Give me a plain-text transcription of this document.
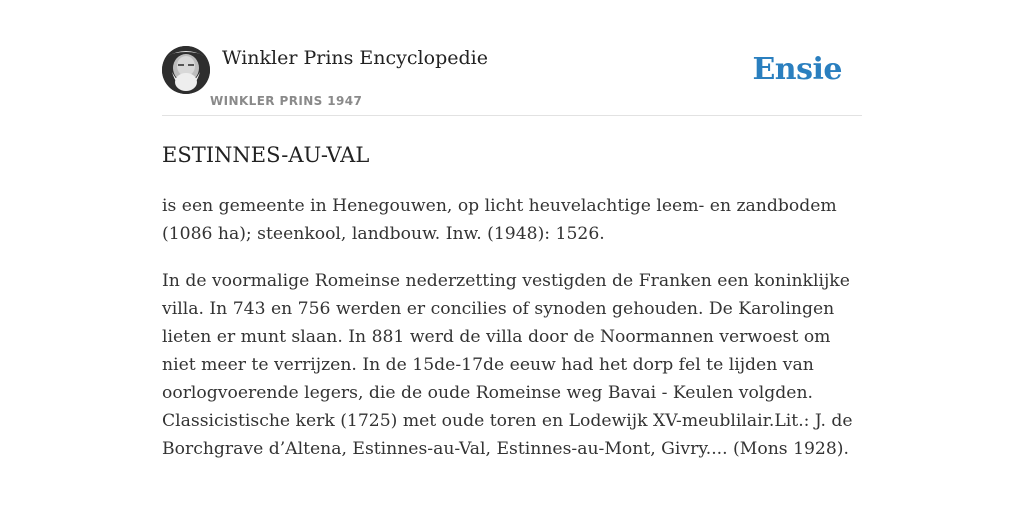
Winkler Prins Encyclopedie
WINKLER PRINS 1947
Ensie
ESTINNES-AU-VAL

is een gemeente in Henegouwen, op licht heuvelachtige leem- en zandbodem (1086 ha); steenkool, landbouw. Inw. (1948): 1526.

In de voormalige Romeinse nederzetting vestigden de Franken een koninklijke villa. In 743 en 756 werden er concilies of synoden gehouden. De Karolingen lieten er munt slaan. In 881 werd de villa door de Noormannen verwoest om niet meer te verrijzen. In de 15de-17de eeuw had het dorp fel te lijden van oorlogvoerende legers, die de oude Romeinse weg Bavai - Keulen volgden. Classicistische kerk (1725) met oude toren en Lodewijk XV-meublilair.Lit.: J. de Borchgrave d’Altena, Estinnes-au-Val, Estinnes-au-Mont, Givry.... (Mons 1928).
